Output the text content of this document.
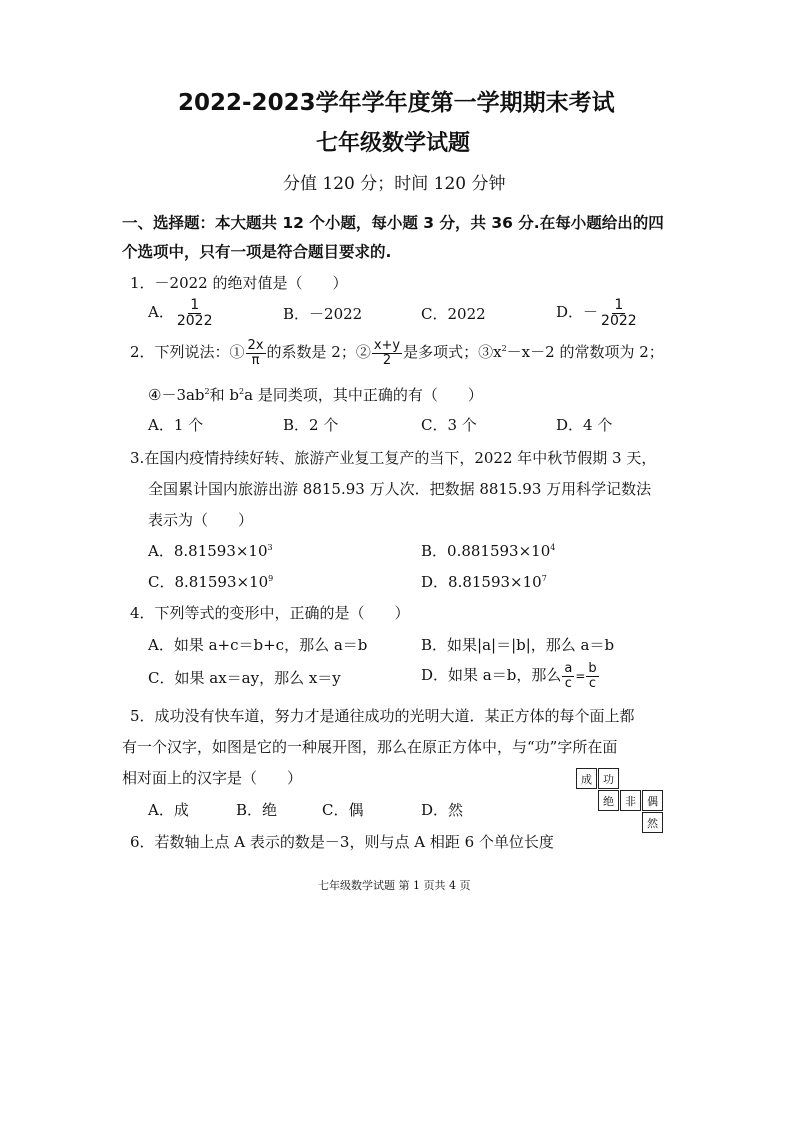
2022-2023学年学年度第一学期期末考试
七年级数学试题
分值 120 分；时间 120 分钟
一、选择题：本大题共 12 个小题，每小题 3 分，共 36 分.在每小题给出的四
个选项中，只有一项是符合题目要求的.
1．－2022 的绝对值是（　　）
A． $\frac{1}{2022}$	B．－2022	C．2022	D．－ $\frac{1}{2022}$
2．下列说法：① $\frac{2x}{\pi}$ 的系数是 2；② $\frac{x+y}{2}$ 是多项式；$③x^2-x-2$ 的常数项为 2；
$④-3ab^2$和 $b^2a$ 是同类项，其中正确的有（　　）
A．1 个	B．2 个	C．3 个	D．4 个
3.在国内疫情持续好转、旅游产业复工复产的当下，2022 年中秋节假期 3 天，
全国累计国内旅游出游 8815.93 万人次．把数据 8815.93 万用科学记数法
表示为（　　）
A．$8.81593\times 10^3$	B．$0.881593\times 10^4$
C．$8.81593\times 10^9$	D．$8.81593\times 10^7$
4．下列等式的变形中，正确的是（　　）
A．如果 a+c＝b+c，那么 a＝b	B．如果|a|＝|b|，那么 a＝b
C．如果 ax＝ay，那么 x＝y	D．如果 a＝b，那么 $\frac{a}{c} = \frac{b}{c}$
5．成功没有快车道，努力才是通往成功的光明大道．某正方体的每个面上都
有一个汉字，如图是它的一种展开图，那么在原正方体中，与“功”字所在面
相对面上的汉字是（　　）
A．成	B．绝	C．偶	D．然
成	功
绝	非	偶
然
6．若数轴上点 A 表示的数是－3，则与点 A 相距 6 个单位长度
七年级数学试题 第 1 页共 4 页
